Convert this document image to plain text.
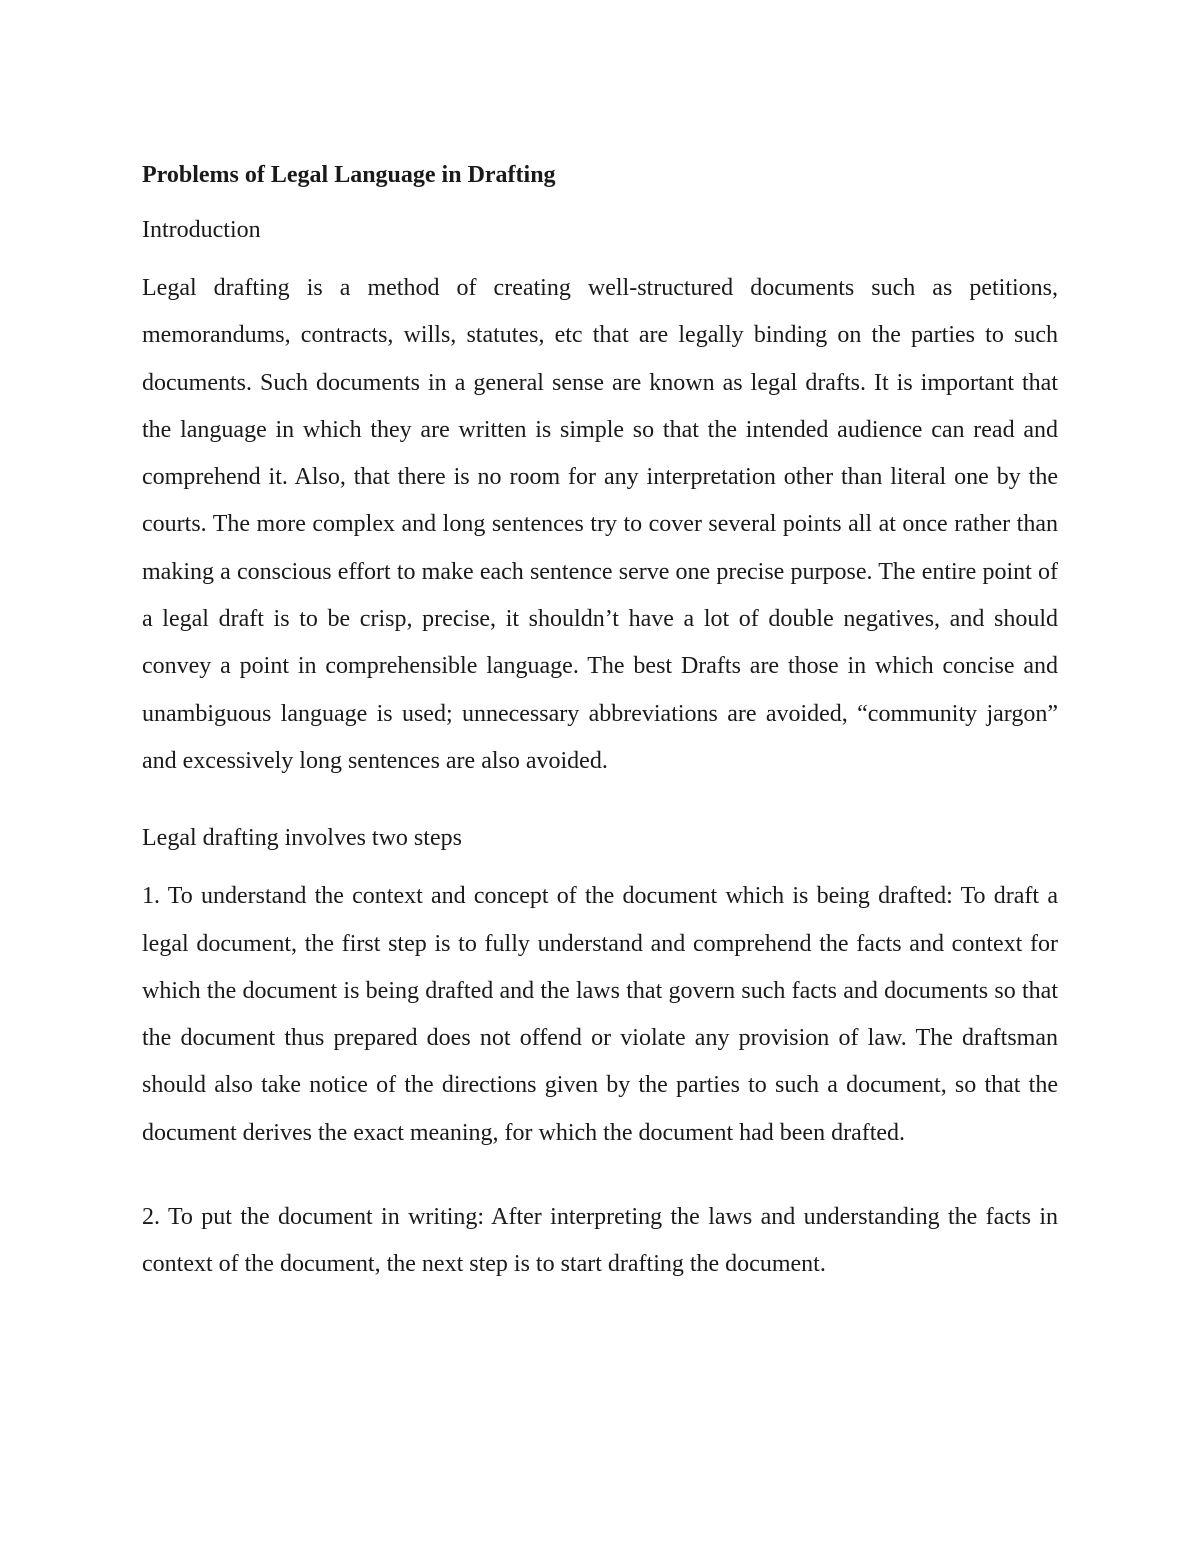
Problems of Legal Language in Drafting
Introduction

Legal drafting is a method of creating well-structured documents such as petitions, memorandums, contracts, wills, statutes, etc that are legally binding on the parties to such documents. Such documents in a general sense are known as legal drafts. It is important that the language in which they are written is simple so that the intended audience can read and comprehend it. Also, that there is no room for any interpretation other than literal one by the courts. The more complex and long sentences try to cover several points all at once rather than making a conscious effort to make each sentence serve one precise purpose. The entire point of a legal draft is to be crisp, precise, it shouldn’t have a lot of double negatives, and should convey a point in comprehensible language. The best Drafts are those in which concise and unambiguous language is used; unnecessary abbreviations are avoided, “community jargon” and excessively long sentences are also avoided.

Legal drafting involves two steps

1. To understand the context and concept of the document which is being drafted: To draft a legal document, the first step is to fully understand and comprehend the facts and context for which the document is being drafted and the laws that govern such facts and documents so that the document thus prepared does not offend or violate any provision of law. The draftsman should also take notice of the directions given by the parties to such a document, so that the document derives the exact meaning, for which the document had been drafted.

2. To put the document in writing: After interpreting the laws and understanding the facts in context of the document, the next step is to start drafting the document.
